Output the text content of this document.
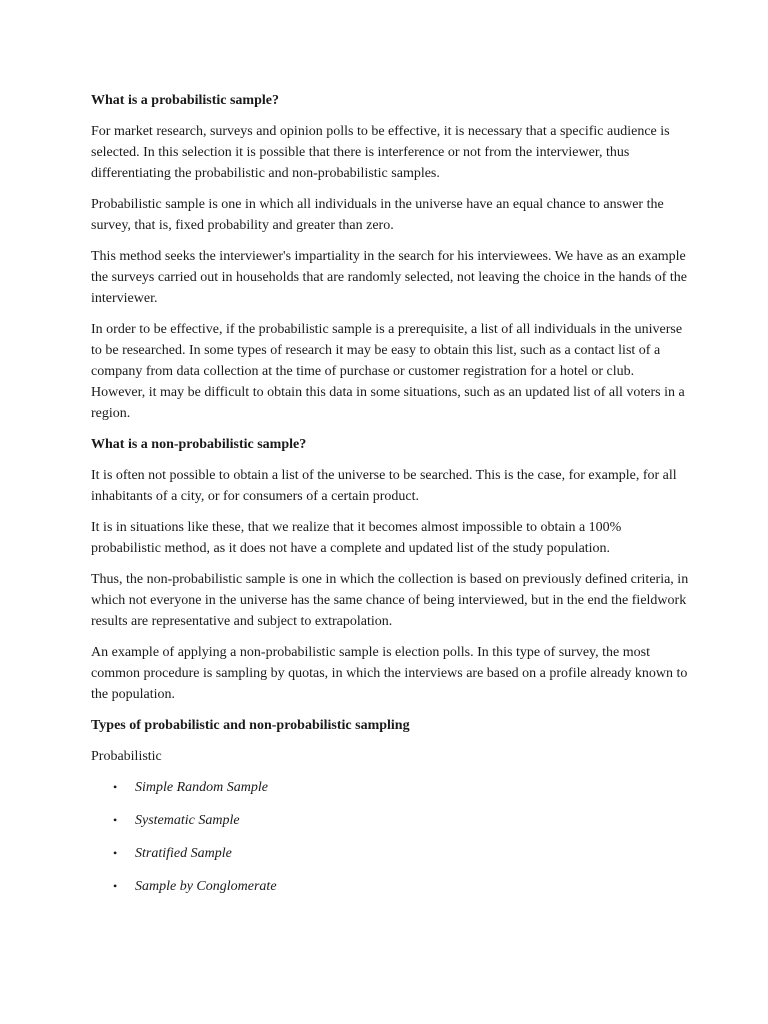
What is a probabilistic sample?

For market research, surveys and opinion polls to be effective, it is necessary that a specific audience is selected. In this selection it is possible that there is interference or not from the interviewer, thus differentiating the probabilistic and non-probabilistic samples.

Probabilistic sample is one in which all individuals in the universe have an equal chance to answer the survey, that is, fixed probability and greater than zero.

This method seeks the interviewer's impartiality in the search for his interviewees. We have as an example the surveys carried out in households that are randomly selected, not leaving the choice in the hands of the interviewer.

In order to be effective, if the probabilistic sample is a prerequisite, a list of all individuals in the universe to be researched. In some types of research it may be easy to obtain this list, such as a contact list of a company from data collection at the time of purchase or customer registration for a hotel or club. However, it may be difficult to obtain this data in some situations, such as an updated list of all voters in a region.

What is a non-probabilistic sample?

It is often not possible to obtain a list of the universe to be searched. This is the case, for example, for all inhabitants of a city, or for consumers of a certain product.

It is in situations like these, that we realize that it becomes almost impossible to obtain a 100% probabilistic method, as it does not have a complete and updated list of the study population.

Thus, the non-probabilistic sample is one in which the collection is based on previously defined criteria, in which not everyone in the universe has the same chance of being interviewed, but in the end the fieldwork results are representative and subject to extrapolation.

An example of applying a non-probabilistic sample is election polls. In this type of survey, the most common procedure is sampling by quotas, in which the interviews are based on a profile already known to the population.

Types of probabilistic and non-probabilistic sampling
Probabilistic
• Simple Random Sample
• Systematic Sample
• Stratified Sample
• Sample by Conglomerate
